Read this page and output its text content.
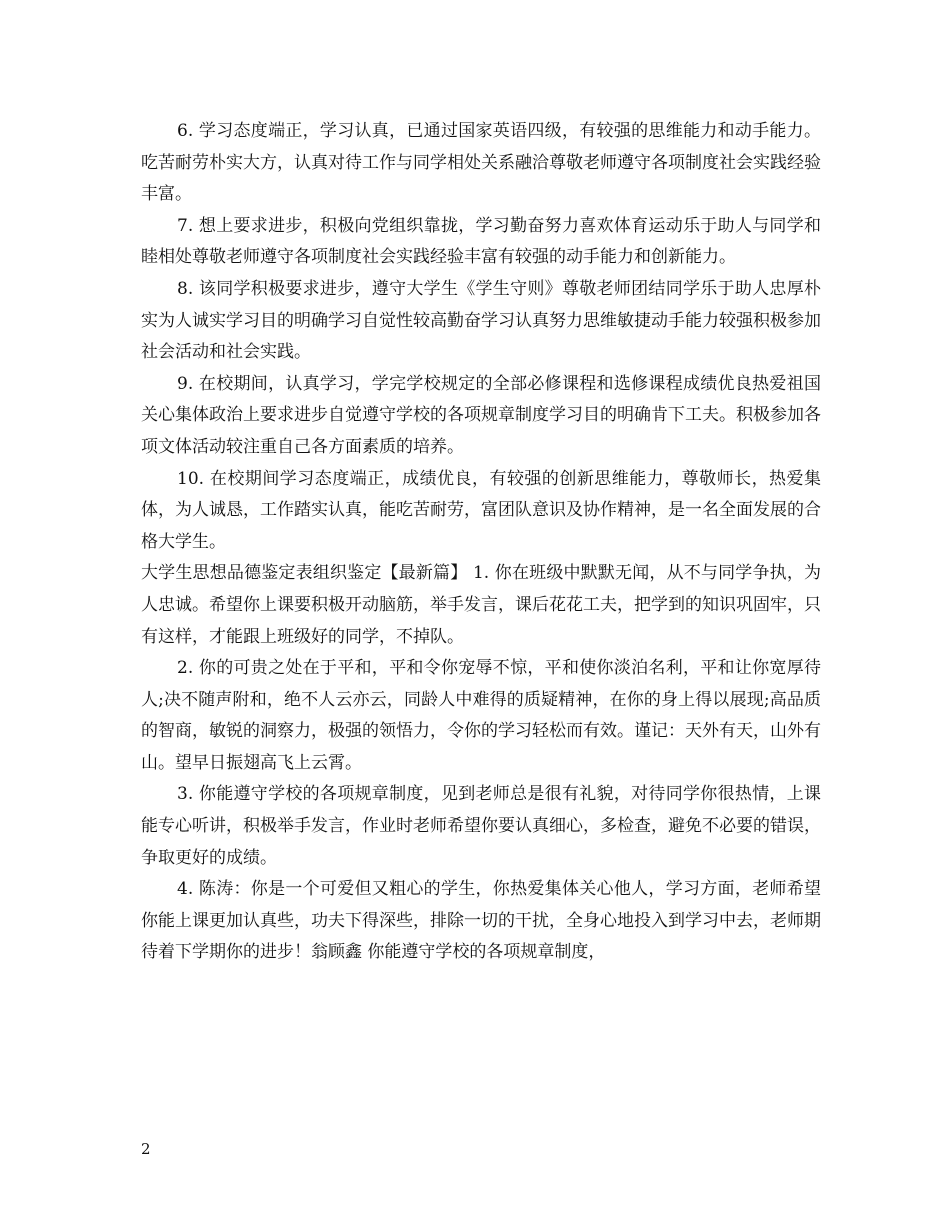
6. 学习态度端正，学习认真，已通过国家英语四级，有较强的思维能力和动手能力。吃苦耐劳朴实大方，认真对待工作与同学相处关系融洽尊敬老师遵守各项制度社会实践经验丰富。

7. 想上要求进步，积极向党组织靠拢，学习勤奋努力喜欢体育运动乐于助人与同学和睦相处尊敬老师遵守各项制度社会实践经验丰富有较强的动手能力和创新能力。

8. 该同学积极要求进步，遵守大学生《学生守则》尊敬老师团结同学乐于助人忠厚朴实为人诚实学习目的明确学习自觉性较高勤奋学习认真努力思维敏捷动手能力较强积极参加社会活动和社会实践。

9. 在校期间，认真学习，学完学校规定的全部必修课程和选修课程成绩优良热爱祖国关心集体政治上要求进步自觉遵守学校的各项规章制度学习目的明确肯下工夫。积极参加各项文体活动较注重自己各方面素质的培养。

10. 在校期间学习态度端正，成绩优良，有较强的创新思维能力，尊敬师长，热爱集体，为人诚恳，工作踏实认真，能吃苦耐劳，富团队意识及协作精神，是一名全面发展的合格大学生。

大学生思想品德鉴定表组织鉴定【最新篇】 1. 你在班级中默默无闻，从不与同学争执，为人忠诚。希望你上课要积极开动脑筋，举手发言，课后花花工夫，把学到的知识巩固牢，只有这样，才能跟上班级好的同学，不掉队。

2. 你的可贵之处在于平和，平和令你宠辱不惊，平和使你淡泊名利，平和让你宽厚待人;决不随声附和，绝不人云亦云，同龄人中难得的质疑精神，在你的身上得以展现;高品质的智商，敏锐的洞察力，极强的领悟力，令你的学习轻松而有效。谨记：天外有天，山外有山。望早日振翅高飞上云霄。

3. 你能遵守学校的各项规章制度，见到老师总是很有礼貌，对待同学你很热情，上课能专心听讲，积极举手发言，作业时老师希望你要认真细心，多检查，避免不必要的错误，争取更好的成绩。

4. 陈涛：你是一个可爱但又粗心的学生，你热爱集体关心他人，学习方面，老师希望你能上课更加认真些，功夫下得深些，排除一切的干扰，全身心地投入到学习中去，老师期待着下学期你的进步！翁顾鑫 你能遵守学校的各项规章制度，

2
